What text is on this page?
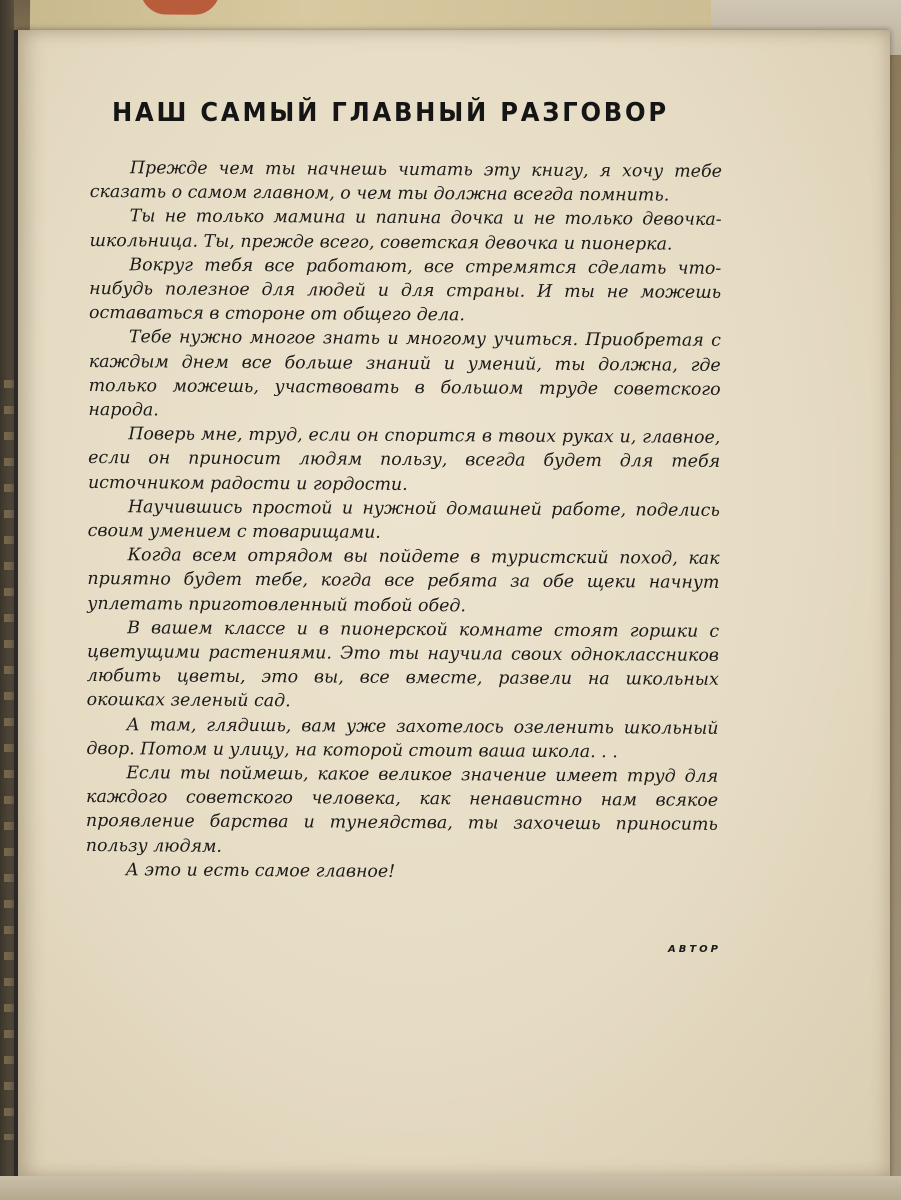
НАШ САМЫЙ ГЛАВНЫЙ РАЗГОВОР

Прежде чем ты начнешь читать эту книгу, я хочу тебе сказать о самом главном, о чем ты должна всегда помнить.

Ты не только мамина и папина дочка и не только девочка-школьница. Ты, прежде всего, советская девочка и пионерка.

Вокруг тебя все работают, все стремятся сделать что-нибудь полезное для людей и для страны. И ты не можешь оставаться в стороне от общего дела.

Тебе нужно многое знать и многому учиться. Приобретая с каждым днем все больше знаний и умений, ты должна, где только можешь, участвовать в большом труде советского народа.

Поверь мне, труд, если он спорится в твоих руках и, главное, если он приносит людям пользу, всегда будет для тебя источником радости и гордости.

Научившись простой и нужной домашней работе, поделись своим умением с товарищами.

Когда всем отрядом вы пойдете в туристский поход, как приятно будет тебе, когда все ребята за обе щеки начнут уплетать приготовленный тобой обед.

В вашем классе и в пионерской комнате стоят горшки с цветущими растениями. Это ты научила своих одноклассников любить цветы, это вы, все вместе, развели на школьных окошках зеленый сад.

А там, глядишь, вам уже захотелось озеленить школьный двор. Потом и улицу, на которой стоит ваша школа. . .

Если ты поймешь, какое великое значение имеет труд для каждого советского человека, как ненавистно нам всякое проявление барства и тунеядства, ты захочешь приносить пользу людям.

А это и есть самое главное!

АВТОР
